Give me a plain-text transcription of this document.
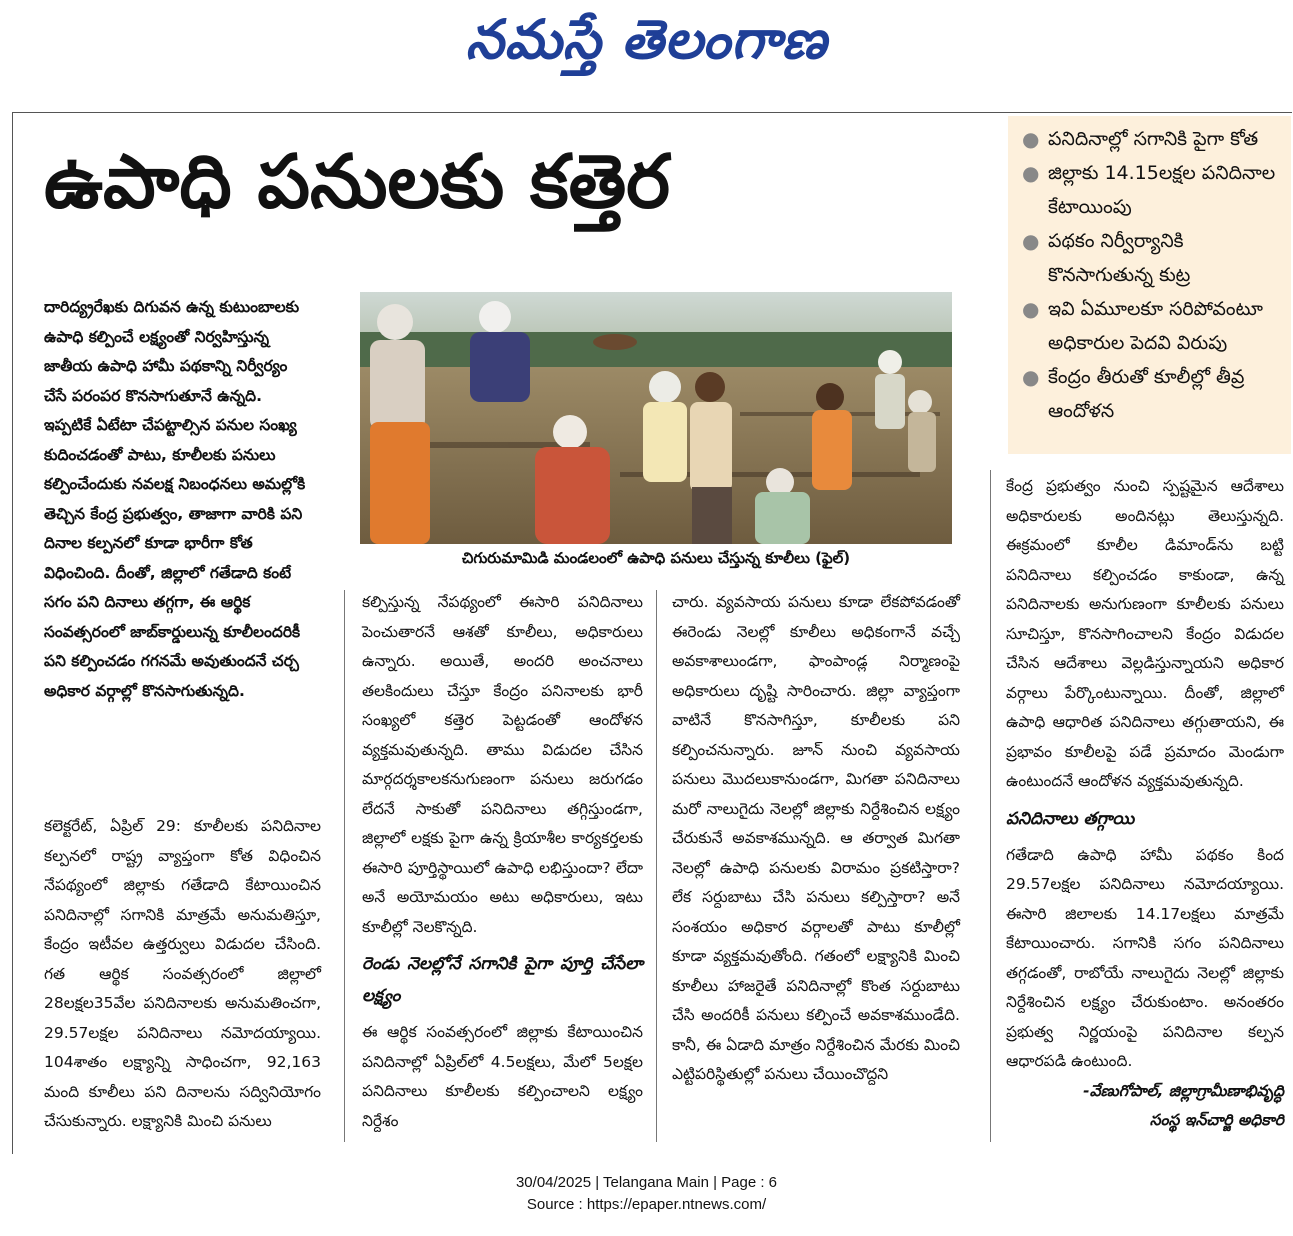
నమస్తే తెలంగాణ
ఉపాధి పనులకు కత్తెర	● పనిదినాల్లో సగానికి పైగా కోత
● జిల్లాకు 14.15లక్షల పనిదినాల కేటాయింపు
● పథకం నిర్వీర్యానికి కొనసాగుతున్న కుట్ర
● ఇవి ఏమూలకూ సరిపోవంటూ అధికారుల పెదవి విరుపు
● కేంద్రం తీరుతో కూలీల్లో తీవ్ర ఆందోళన
దారిద్య్రరేఖకు దిగువన ఉన్న కుటుంబాలకు ఉపాధి కల్పించే లక్ష్యంతో నిర్వహిస్తున్న జాతీయ ఉపాధి హామీ పథకాన్ని నిర్వీర్యం చేసే పరంపర కొనసాగుతూనే ఉన్నది. ఇప్పటికే ఏటేటా చేపట్టాల్సిన పనుల సంఖ్య కుదించడంతో పాటు, కూలీలకు పనులు కల్పించేందుకు నవలక్ష నిబంధనలు అమల్లోకి తెచ్చిన కేంద్ర ప్రభుత్వం, తాజాగా వారికి పని దినాల కల్పనలో కూడా భారీగా కోత విధించింది. దీంతో, జిల్లాలో గతేడాది కంటే సగం పని దినాలు తగ్గగా, ఈ ఆర్థిక సంవత్సరంలో జాబ్‌కార్డులున్న కూలీలందరికీ పని కల్పించడం గగనమే అవుతుందనే చర్చ అధికార వర్గాల్లో కొనసాగుతున్నది.
చిగురుమామిడి మండలంలో ఉపాధి పనులు చేస్తున్న కూలీలు (ఫైల్)

కలెక్టరేట్, ఏప్రిల్ 29: కూలీలకు పనిదినాల కల్పనలో రాష్ట్ర వ్యాప్తంగా కోత విధించిన నేపథ్యంలో జిల్లాకు గతేడాది కేటాయించిన పనిదినాల్లో సగానికి మాత్రమే అనుమతిస్తూ, కేంద్రం ఇటీవల ఉత్తర్వులు విడుదల చేసింది. గత ఆర్థిక సంవత్సరంలో జిల్లాలో 28లక్షల35వేల పనిదినాలకు అనుమతించగా, 29.57లక్షల పనిదినాలు నమోదయ్యాయి. 104శాతం లక్ష్యాన్ని సాధించగా, 92,163 మంది కూలీలు పని దినాలను సద్వినియోగం చేసుకున్నారు. లక్ష్యానికి మించి పనులు

కల్పిస్తున్న నేపథ్యంలో ఈసారి పనిదినాలు పెంచుతారనే ఆశతో కూలీలు, అధికారులు ఉన్నారు. అయితే, అందరి అంచనాలు తలకిందులు చేస్తూ కేంద్రం పనినాలకు భారీ సంఖ్యలో కత్తెర పెట్టడంతో ఆందోళన వ్యక్తమవుతున్నది. తాము విడుదల చేసిన మార్గదర్శకాలకనుగుణంగా పనులు జరుగడం లేదనే సాకుతో పనిదినాలు తగ్గిస్తుండగా, జిల్లాలో లక్షకు పైగా ఉన్న క్రియాశీల కార్యకర్తలకు ఈసారి పూర్తిస్థాయిలో ఉపాధి లభిస్తుందా? లేదా అనే అయోమయం అటు అధికారులు, ఇటు కూలీల్లో నెలకొన్నది.

రెండు నెలల్లోనే సగానికి పైగా పూర్తి చేసేలా లక్ష్యం

ఈ ఆర్థిక సంవత్సరంలో జిల్లాకు కేటాయించిన పనిదినాల్లో ఏప్రిల్‌లో 4.5లక్షలు, మేలో 5లక్షల పనిదినాలు కూలీలకు కల్పించాలని లక్ష్యం నిర్దేశం

చారు. వ్యవసాయ పనులు కూడా లేకపోవడంతో ఈరెండు నెలల్లో కూలీలు అధికంగానే వచ్చే అవకాశాలుండగా, ఫాంపాండ్ల నిర్మాణంపై అధికారులు దృష్టి సారించారు. జిల్లా వ్యాప్తంగా వాటినే కొనసాగిస్తూ, కూలీలకు పని కల్పించనున్నారు. జూన్ నుంచి వ్యవసాయ పనులు మొదలుకానుండగా, మిగతా పనిదినాలు మరో నాలుగైదు నెలల్లో జిల్లాకు నిర్దేశించిన లక్ష్యం చేరుకునే అవకాశమున్నది. ఆ తర్వాత మిగతా నెలల్లో ఉపాధి పనులకు విరామం ప్రకటిస్తారా? లేక సర్దుబాటు చేసి పనులు కల్పిస్తారా? అనే సంశయం అధికార వర్గాలతో పాటు కూలీల్లో కూడా వ్యక్తమవుతోంది. గతంలో లక్ష్యానికి మించి కూలీలు హాజరైతే పనిదినాల్లో కొంత సర్దుబాటు చేసి అందరికీ పనులు కల్పించే అవకాశముండేది. కానీ, ఈ ఏడాది మాత్రం నిర్దేశించిన మేరకు మించి ఎట్టిపరిస్థితుల్లో పనులు చేయించొద్దని

కేంద్ర ప్రభుత్వం నుంచి స్పష్టమైన ఆదేశాలు అధికారులకు అందినట్లు తెలుస్తున్నది. ఈక్రమంలో కూలీల డిమాండ్‌ను బట్టి పనిదినాలు కల్పించడం కాకుండా, ఉన్న పనిదినాలకు అనుగుణంగా కూలీలకు పనులు సూచిస్తూ, కొనసాగించాలని కేంద్రం విడుదల చేసిన ఆదేశాలు వెల్లడిస్తున్నాయని అధికార వర్గాలు పేర్కొంటున్నాయి. దీంతో, జిల్లాలో ఉపాధి ఆధారిత పనిదినాలు తగ్గుతాయని, ఈ ప్రభావం కూలీలపై పడే ప్రమాదం మెండుగా ఉంటుందనే ఆందోళన వ్యక్తమవుతున్నది.

పనిదినాలు తగ్గాయి

గతేడాది ఉపాధి హామీ పథకం కింద 29.57లక్షల పనిదినాలు నమోదయ్యాయి. ఈసారి జిలాలకు 14.17లక్షలు మాత్రమే కేటాయించారు. సగానికి సగం పనిదినాలు తగ్గడంతో, రాబోయే నాలుగైదు నెలల్లో జిల్లాకు నిర్దేశించిన లక్ష్యం చేరుకుంటాం. అనంతరం ప్రభుత్వ నిర్ణయంపై పనిదినాల కల్పన ఆధారపడి ఉంటుంది.

-వేణుగోపాల్, జిల్లాగ్రామీణాభివృద్ధి
సంస్థ ఇన్‌చార్జి అధికారి
30/04/2025 | Telangana Main | Page : 6
Source : https://epaper.ntnews.com/
